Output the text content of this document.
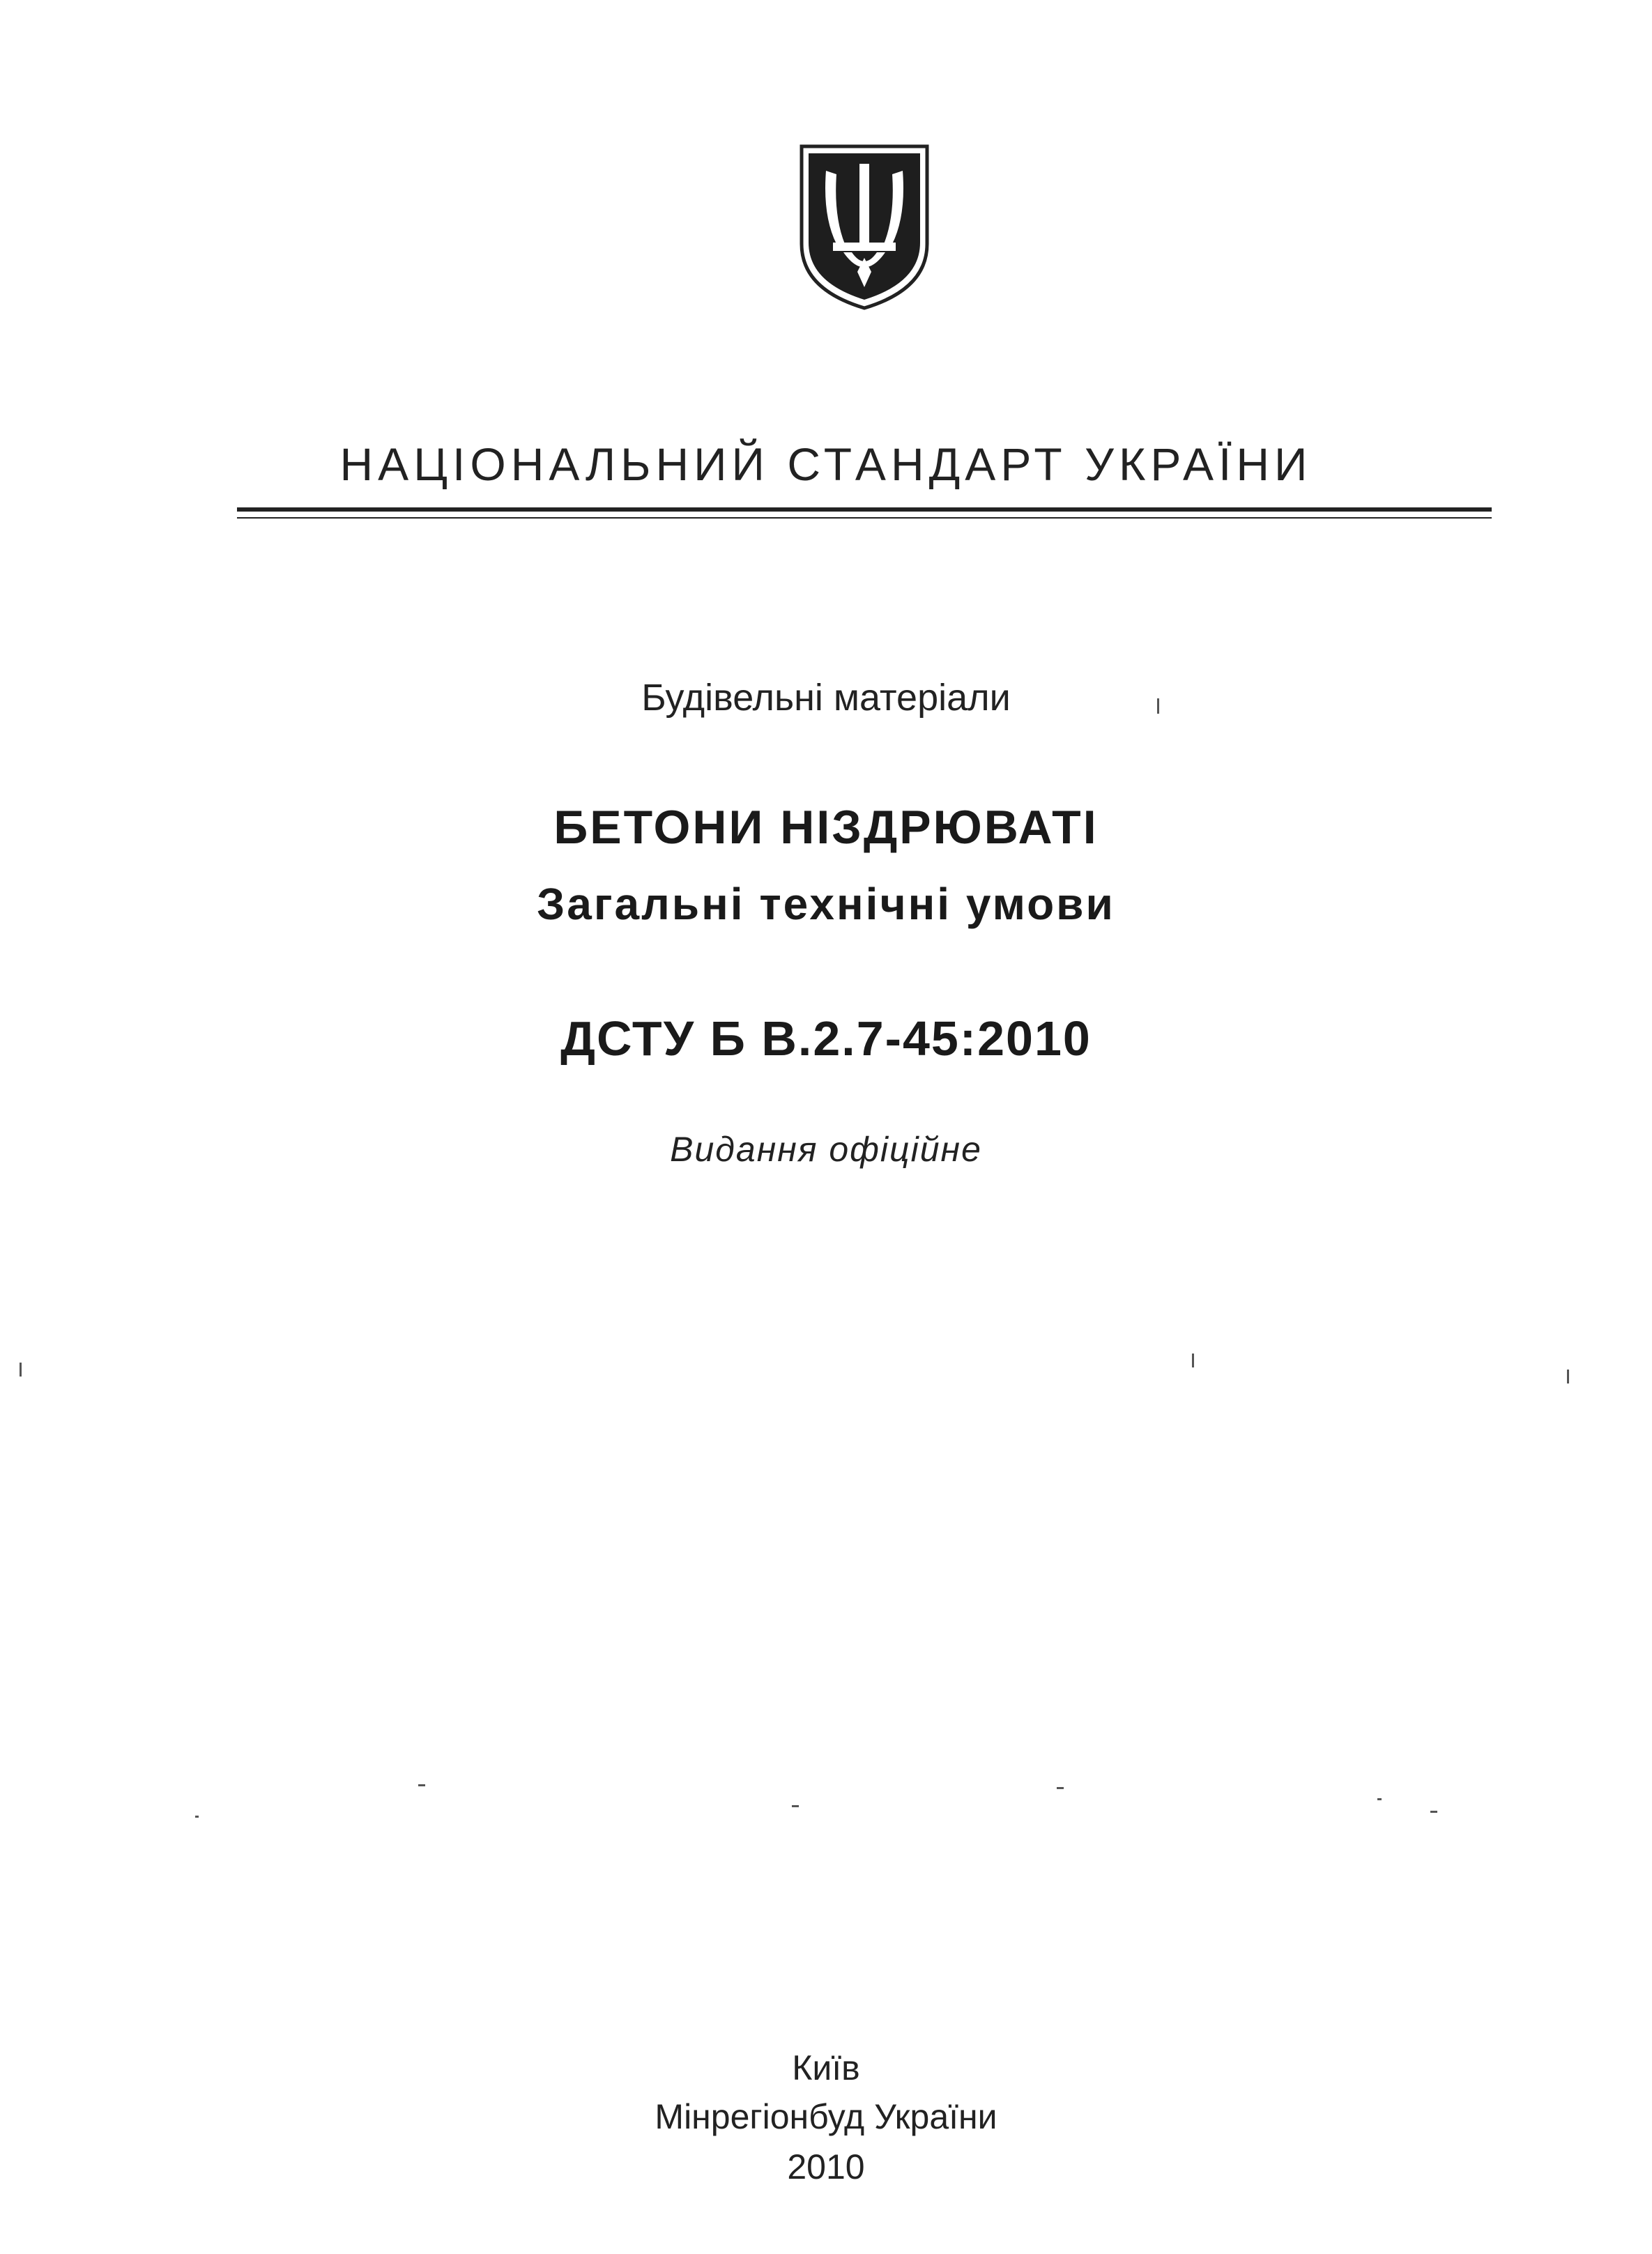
НАЦІОНАЛЬНИЙ СТАНДАРТ УКРАЇНИ
Будівельні матеріали
БЕТОНИ НІЗДРЮВАТІ
Загальні технічні умови
ДСТУ Б В.2.7-45:2010
Видання офіційне
Київ
Мінрегіонбуд України
2010
